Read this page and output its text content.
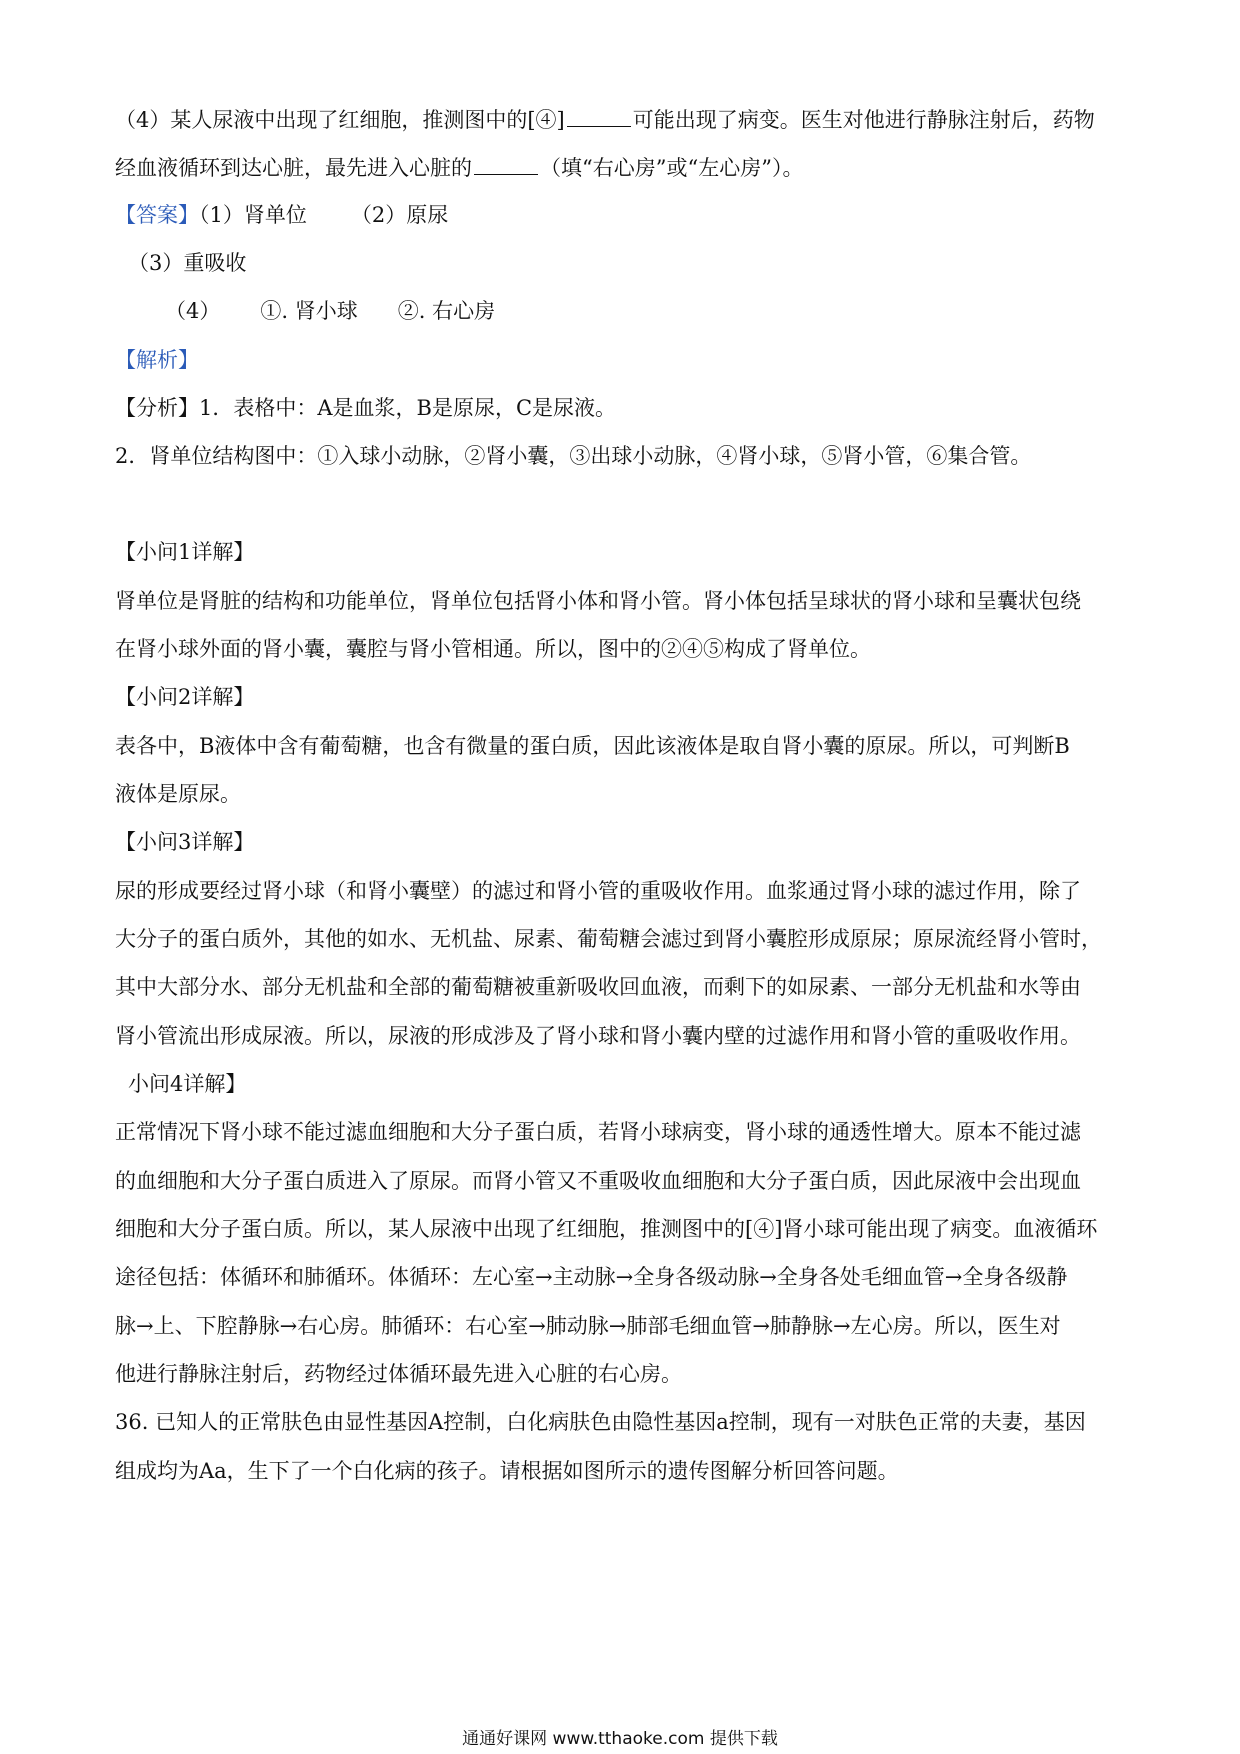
（4）某人尿液中出现了红细胞，推测图中的[④]	可能出现了病变。医生对他进行静脉注射后，药物
经血液循环到达心脏，最先进入心脏的	（填“右心房”或“左心房”）。
【答案】（1）肾单位 （2）原尿
（3）重吸收
（4） ①. 肾小球 ②. 右心房
【解析】
【分析】1．表格中：A是血浆，B是原尿，C是尿液。
2．肾单位结构图中：①入球小动脉，②肾小囊，③出球小动脉，④肾小球，⑤肾小管，⑥集合管。
【小问1详解】
肾单位是肾脏的结构和功能单位，肾单位包括肾小体和肾小管。肾小体包括呈球状的肾小球和呈囊状包绕
在肾小球外面的肾小囊，囊腔与肾小管相通。所以，图中的②④⑤构成了肾单位。
【小问2详解】
表各中，B液体中含有葡萄糖，也含有微量的蛋白质，因此该液体是取自肾小囊的原尿。所以，可判断B
液体是原尿。
【小问3详解】
尿的形成要经过肾小球（和肾小囊壁）的滤过和肾小管的重吸收作用。血浆通过肾小球的滤过作用，除了
大分子的蛋白质外，其他的如水、无机盐、尿素、葡萄糖会滤过到肾小囊腔形成原尿；原尿流经肾小管时，
其中大部分水、部分无机盐和全部的葡萄糖被重新吸收回血液，而剩下的如尿素、一部分无机盐和水等由
肾小管流出形成尿液。所以，尿液的形成涉及了肾小球和肾小囊内壁的过滤作用和肾小管的重吸收作用。
小问4详解】
正常情况下肾小球不能过滤血细胞和大分子蛋白质，若肾小球病变，肾小球的通透性增大。原本不能过滤
的血细胞和大分子蛋白质进入了原尿。而肾小管又不重吸收血细胞和大分子蛋白质，因此尿液中会出现血
细胞和大分子蛋白质。所以，某人尿液中出现了红细胞，推测图中的[④]肾小球可能出现了病变。血液循环
途径包括：体循环和肺循环。体循环：左心室→主动脉→全身各级动脉→全身各处毛细血管→全身各级静
脉→上、下腔静脉→右心房。肺循环：右心室→肺动脉→肺部毛细血管→肺静脉→左心房。所以，医生对
他进行静脉注射后，药物经过体循环最先进入心脏的右心房。
36. 已知人的正常肤色由显性基因A控制，白化病肤色由隐性基因a控制，现有一对肤色正常的夫妻，基因
组成均为Aa，生下了一个白化病的孩子。请根据如图所示的遗传图解分析回答问题。
通通好课网 www.tthaoke.com 提供下载
